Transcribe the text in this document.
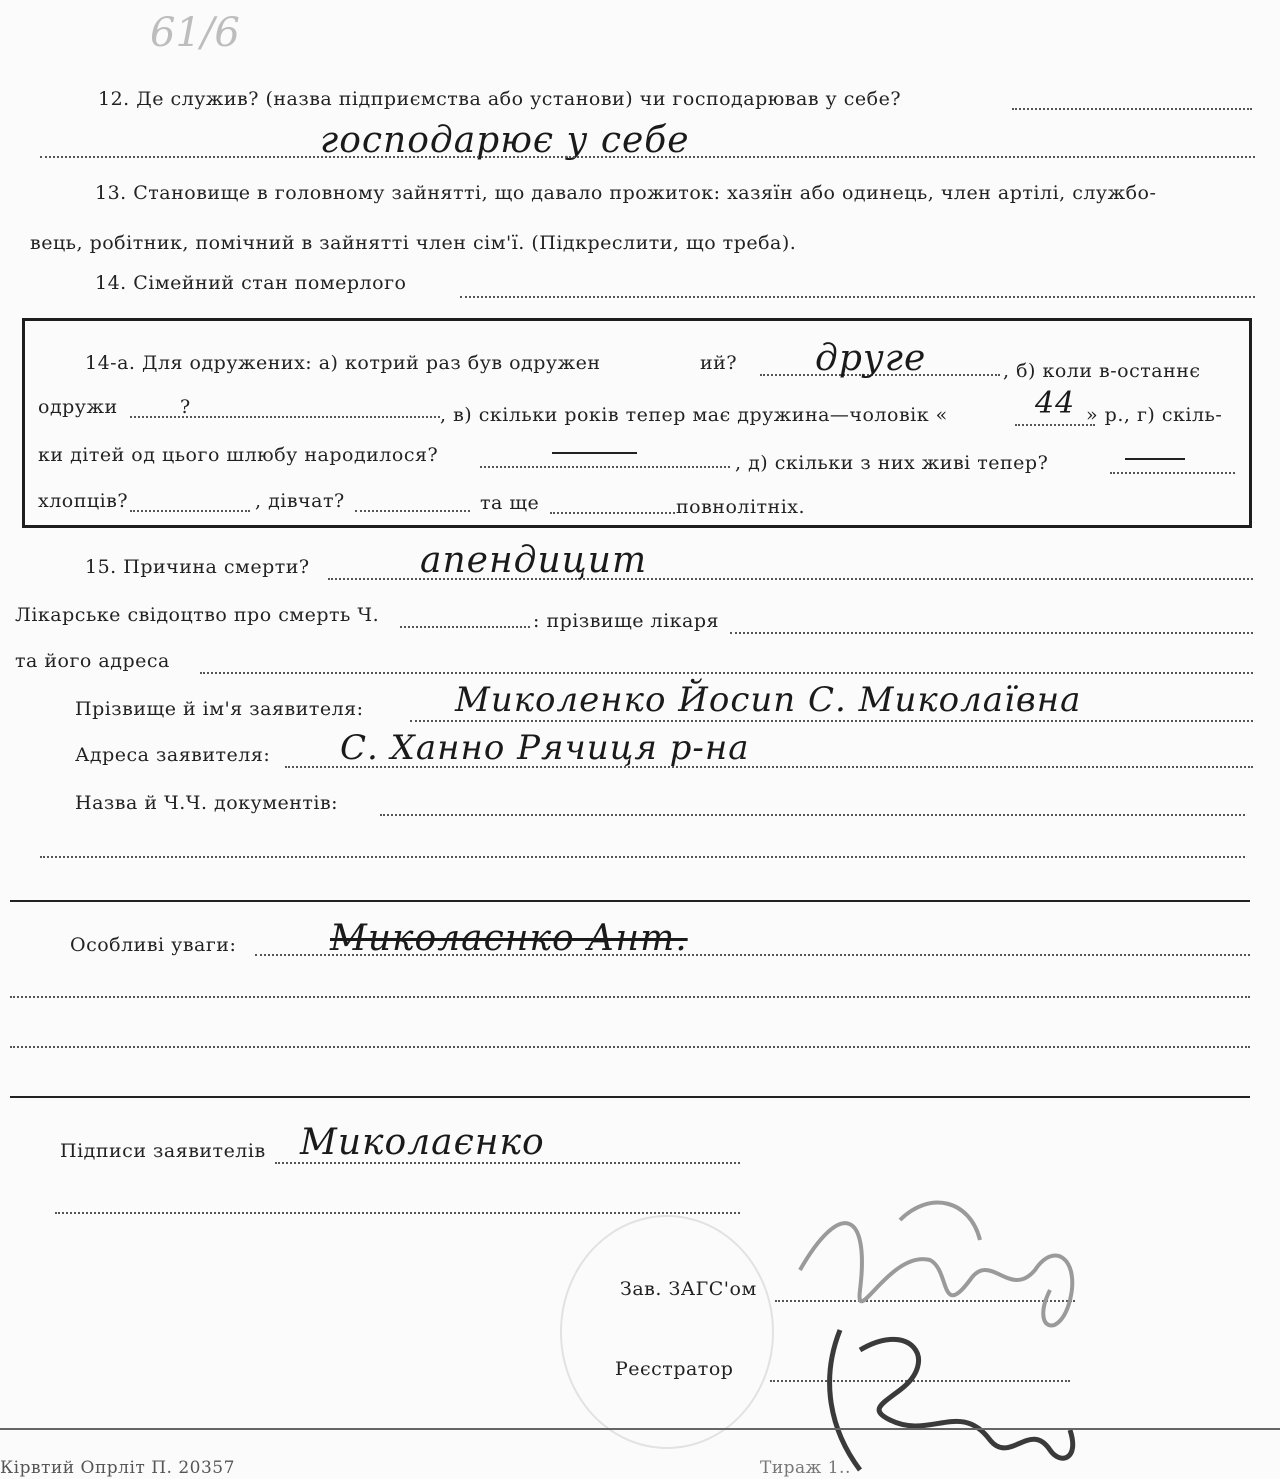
61/6
12. Де служив? (назва підприємства або установи) чи господарював у себе?
господарює у себе
13. Становище в головному зайнятті, що давало прожиток: хазяїн або одинець, член артілі, службо-
вець, робітник, помічний в зайнятті член сім'ї. (Підкреслити, що треба).
14. Сімейний стан померлого
14-а. Для одружених: а) котрий раз був одружен	ий? друге	, б) коли в-останнє
одружи	?	, в) скільки років тепер має дружина—чоловік «	44 » р., г) скіль-
ки дітей од цього шлюбу народилося?	, д) скільки з них живі тепер?
хлопців?	, дівчат?	та ще	повнолітніх.
15. Причина смерти?	апендицит
Лікарське свідоцтво про смерть Ч.	: прізвище лікаря
та його адреса
Прізвище й ім'я заявителя:	Миколенко Йосип С. Миколаївна
Адреса заявителя: С. Ханно Рячиця р-на
Назва й Ч.Ч. документів:
Особливі уваги:	Миколаєнко Ант.
Підписи заявителів Миколаєнко
Зав. ЗАГС'ом
Реєстратор
Кірвтий Опрліт П. 20357	Тираж 1..
